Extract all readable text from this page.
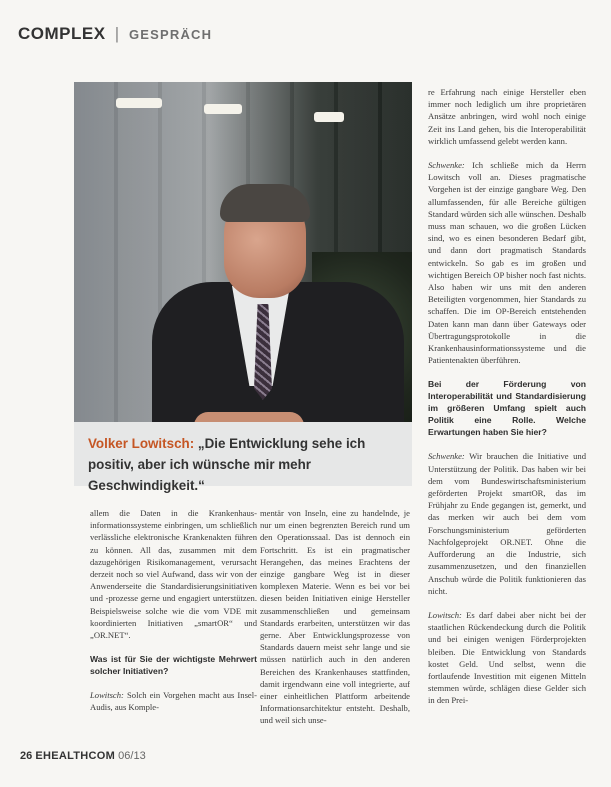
COMPLEX | GESPRÄCH

Volker Lowitsch: „Die Entwicklung sehe ich positiv, aber ich wünsche mir mehr Geschwindigkeit.“

allem die Daten in die Krankenhaus-informationssysteme einbringen, um schließlich verlässliche elektronische Krankenakten führen zu können. All das, zusammen mit dem dazugehörigen Risikomanagement, verursacht derzeit noch so viel Aufwand, dass wir von der Anwenderseite die Standardisierungsinitiativen und -prozesse gerne und engagiert unterstützen. Beispielsweise solche wie die vom VDE mit koordinierten Initiativen „smartOR“ und „OR.NET“.

Was ist für Sie der wichtigste Mehrwert solcher Initiativen?

Lowitsch: Solch ein Vorgehen macht aus Insel- Audis, aus Komple-

mentär von Inseln, eine zu handelnde, je nur um einen begrenzten Bereich rund um den Operationssaal. Das ist dennoch ein Fortschritt. Es ist ein pragmatischer Herangehen, das meines Erachtens der einzige gangbare Weg ist in dieser komplexen Materie. Wenn es bei vor bei diesen beiden Initiativen einige Hersteller zusammenschließen und gemeinsam Standards erarbeiten, unterstützen wir das gerne. Aber Entwicklungsprozesse von Standards dauern meist sehr lange und sie müssen natürlich auch in den anderen Bereichen des Krankenhauses stattfinden, damit irgendwann eine voll integrierte, auf einer einheitlichen Plattform arbeitende Informationsarchitektur entsteht. Deshalb, und weil sich unse-

re Erfahrung nach einige Hersteller eben immer noch lediglich um ihre proprietären Ansätze anbringen, wird wohl noch einige Zeit ins Land gehen, bis die Interoperabilität wirklich umfassend gelebt werden kann.

Schwenke: Ich schließe mich da Herrn Lowitsch voll an. Dieses pragmatische Vorgehen ist der einzige gangbare Weg. Den allumfassenden, für alle Bereiche gültigen Standard würden sich alle wünschen. Deshalb muss man schauen, wo die großen Lücken sind, wo es einen besonderen Bedarf gibt, und dann dort pragmatisch Standards entwickeln. So gab es im großen und wichtigen Bereich OP bisher noch fast nichts. Also haben wir uns mit den anderen Beteiligten vorgenommen, hier Standards zu schaffen. Die im OP-Bereich entstehenden Daten kann man dann über Gateways oder Übertragungsprotokolle in die Krankenhausinformationssysteme und die Patientenakten überführen.

Bei der Förderung von Interoperabilität und Standardisierung im größeren Umfang spielt auch Politik eine Rolle. Welche Erwartungen haben Sie hier?

Schwenke: Wir brauchen die Initiative und Unterstützung der Politik. Das haben wir bei dem vom Bundeswirtschaftsministerium geförderten Projekt smartOR, das im Frühjahr zu Ende gegangen ist, gemerkt, und das merken wir auch bei dem vom Forschungsministerium geförderten Nachfolgeprojekt OR.NET. Ohne die Aufforderung an die Industrie, sich zusammenzusetzen, und den finanziellen Anschub würde die Politik funktionieren das nicht.

Lowitsch: Es darf dabei aber nicht bei der staatlichen Rückendeckung durch die Politik und bei einigen wenigen Förderprojekten bleiben. Die Entwicklung von Standards kostet Geld. Und selbst, wenn die fortlaufende Investition mit eigenen Mitteln stemmen würde, schlägen diese Gelder sich in den Prei-

26 EHEALTHCOM 06/13
